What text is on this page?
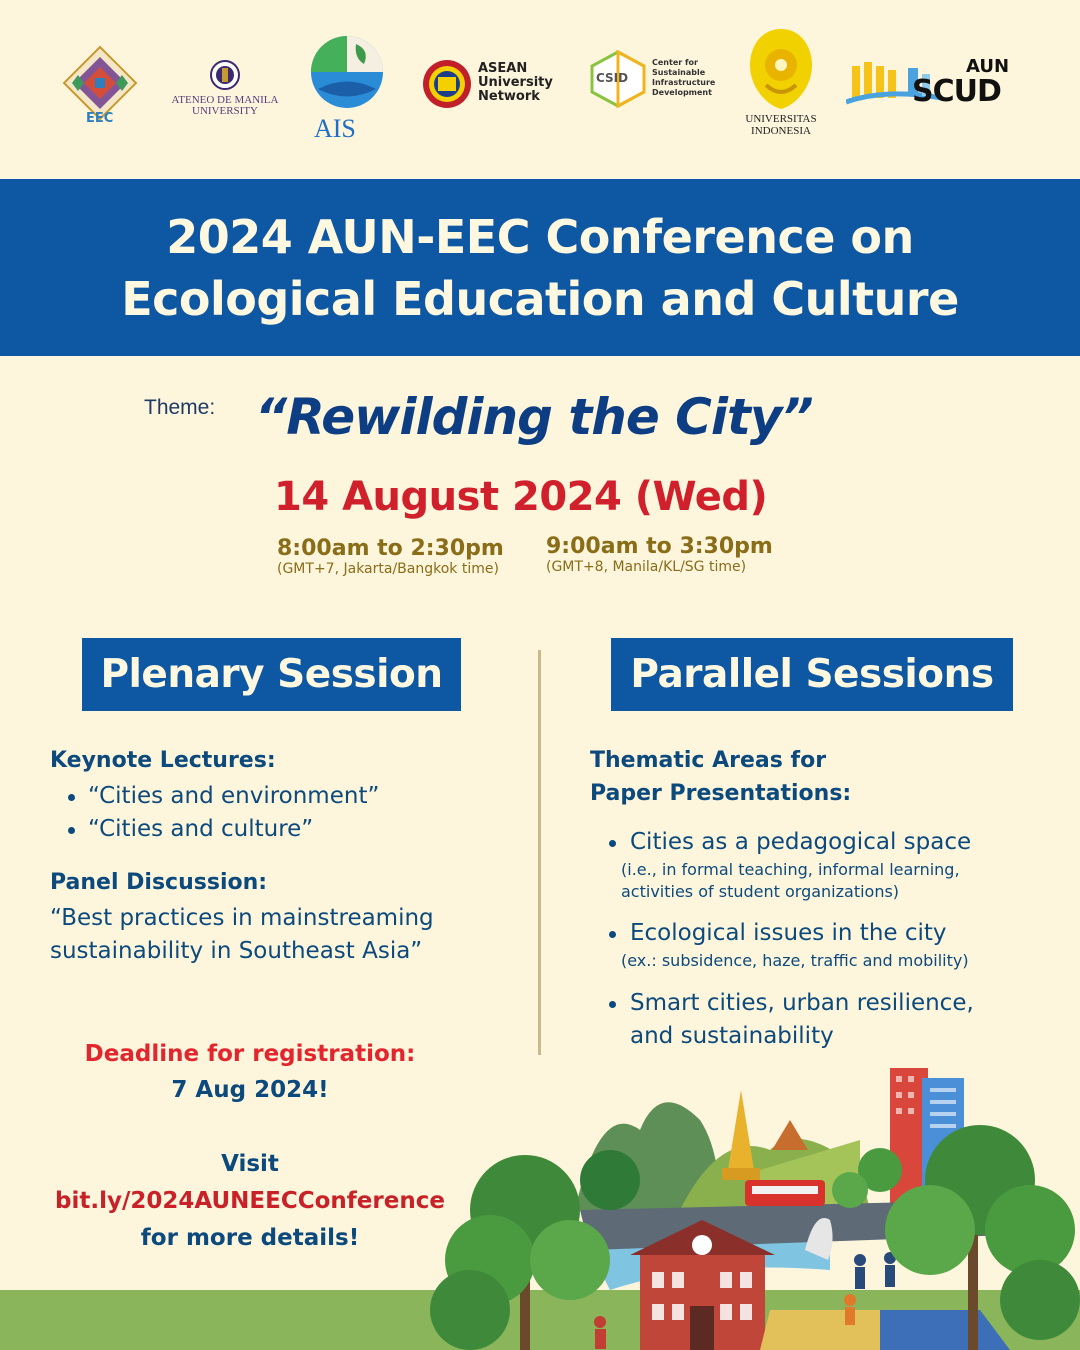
EEC
ATENEO DE MANILA UNIVERSITY
AIS
ASEAN
University
Network
CSID
Center for
Sustainable
Infrastructure
Development
UNIVERSITAS
INDONESIA
AUN
SCUD
2024 AUN-EEC Conference on
Ecological Education and Culture
Theme: “Rewilding the City”
14 August 2024 (Wed)
8:00am to 2:30pm
(GMT+7, Jakarta/Bangkok time)
9:00am to 3:30pm
(GMT+8, Manila/KL/SG time)
Plenary Session	Parallel Sessions
Keynote Lectures:
“Cities and environment”
“Cities and culture”
Panel Discussion:
“Best practices in mainstreaming
sustainability in Southeast Asia”
Thematic Areas for
Paper Presentations:
Cities as a pedagogical space
(i.e., in formal teaching, informal learning,
activities of student organizations)
Ecological issues in the city
(ex.: subsidence, haze, traffic and mobility)
Smart cities, urban resilience,
and sustainability
Deadline for registration:
7 Aug 2024!
Visit
bit.ly/2024AUNEECConference
for more details!
